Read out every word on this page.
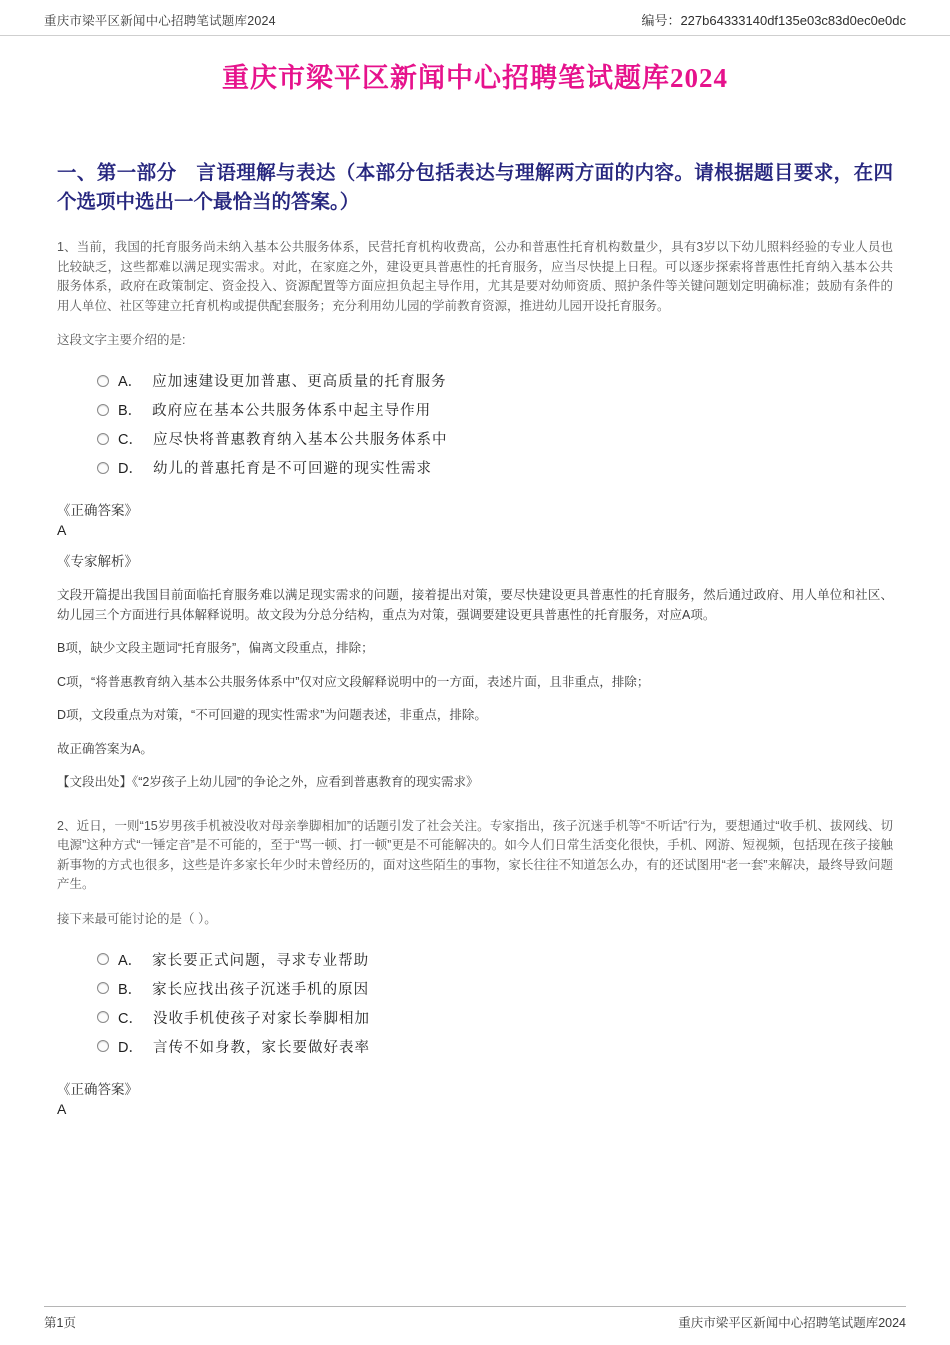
重庆市梁平区新闻中心招聘笔试题库2024	编号：227b64333140df135e03c83d0ec0e0dc
重庆市梁平区新闻中心招聘笔试题库2024
一、第一部分　言语理解与表达（本部分包括表达与理解两方面的内容。请根据题目要求，在四个选项中选出一个最恰当的答案。）

1、当前，我国的托育服务尚未纳入基本公共服务体系，民营托育机构收费高，公办和普惠性托育机构数量少，具有3岁以下幼儿照料经验的专业人员也比较缺乏，这些都难以满足现实需求。对此，在家庭之外，建设更具普惠性的托育服务，应当尽快提上日程。可以逐步探索将普惠性托育纳入基本公共服务体系，政府在政策制定、资金投入、资源配置等方面应担负起主导作用，尤其是要对幼师资质、照护条件等关键问题划定明确标准；鼓励有条件的用人单位、社区等建立托育机构或提供配套服务；充分利用幼儿园的学前教育资源，推进幼儿园开设托育服务。

这段文字主要介绍的是:

A． 应加速建设更加普惠、更高质量的托育服务
B． 政府应在基本公共服务体系中起主导作用
C． 应尽快将普惠教育纳入基本公共服务体系中
D． 幼儿的普惠托育是不可回避的现实性需求

《正确答案》

A

《专家解析》

文段开篇提出我国目前面临托育服务难以满足现实需求的问题，接着提出对策，要尽快建设更具普惠性的托育服务，然后通过政府、用人单位和社区、幼儿园三个方面进行具体解释说明。故文段为分总分结构，重点为对策，强调要建设更具普惠性的托育服务，对应A项。

B项，缺少文段主题词“托育服务”，偏离文段重点，排除；

C项，“将普惠教育纳入基本公共服务体系中”仅对应文段解释说明中的一方面，表述片面，且非重点，排除；

D项，文段重点为对策，“不可回避的现实性需求”为问题表述，非重点，排除。

故正确答案为A。

【文段出处】《“2岁孩子上幼儿园”的争论之外，应看到普惠教育的现实需求》

2、近日，一则“15岁男孩手机被没收对母亲拳脚相加”的话题引发了社会关注。专家指出，孩子沉迷手机等“不听话”行为，要想通过“收手机、拔网线、切电源”这种方式“一锤定音”是不可能的，至于“骂一顿、打一顿”更是不可能解决的。如今人们日常生活变化很快，手机、网游、短视频，包括现在孩子接触新事物的方式也很多，这些是许多家长年少时未曾经历的，面对这些陌生的事物，家长往往不知道怎么办，有的还试图用“老一套”来解决，最终导致问题产生。

接下来最可能讨论的是（ ）。

A． 家长要正式问题，寻求专业帮助
B． 家长应找出孩子沉迷手机的原因
C． 没收手机使孩子对家长拳脚相加
D． 言传不如身教，家长要做好表率

《正确答案》

A

第1页	重庆市梁平区新闻中心招聘笔试题库2024
